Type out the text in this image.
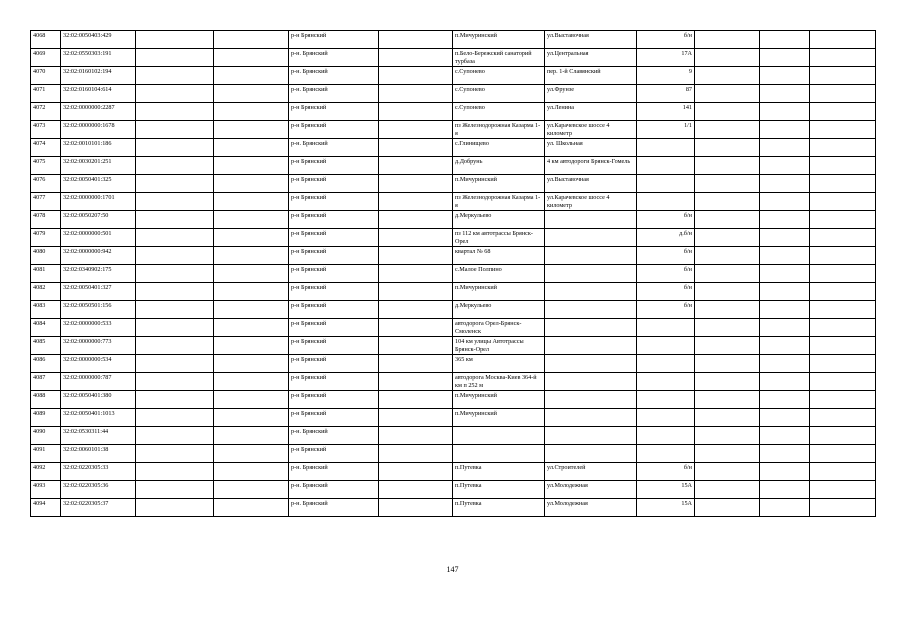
4068	32:02:0050403:429			р-н Брянский		п.Мичуринский	ул.Выставочная	б/н			
4069	32:02:0550303:191			р-н. Брянский		п.Бело-Бережский санаторий турбаза	ул.Центральная	17А			
4070	32:02:0160102:194			р-н. Брянский		с.Супонево	пер. 1-й Славянский	9			
4071	32:02:0160104:614			р-н. Брянский		с.Супонево	ул.Фрунзе	87			
4072	32:02:0000000:2287			р-н Брянский		с.Супонево	ул.Ленина	141			
4073	32:02:0000000:1678			р-н Брянский		пз Железнодорожная Казарма 1-я	ул.Карачевское шоссе 4 километр	1/1			
4074	32:02:0010101:186			р-н. Брянский		с.Глинищево	ул. Школьная				
4075	32:02:0030201:251			р-н Брянский		д.Добрунь	4 км автодороги Брянск-Гомель				
4076	32:02:0050401:325			р-н Брянский		п.Мичуринский	ул.Выставочная				
4077	32:02:0000000:1701			р-н Брянский		пз Железнодорожная Казарма 1-я	ул.Карачевское шоссе 4 километр				
4078	32:02:0050207:50			р-н Брянский		д.Меркульево		б/н			
4079	32:02:0000000:501			р-н Брянский		пз 112 км автотрассы Брянск-Орел		д.б/н			
4080	32:02:0000000:942			р-н Брянский		квартал № 68		б/н			
4081	32:02:0340902:175			р-н Брянский		с.Малое Полпино		б/н			
4082	32:02:0050401:327			р-н Брянский		п.Мичуринский		б/н			
4083	32:02:0050501:156			р-н Брянский		д.Меркульево		б/н			
4084	32:02:0000000:533			р-н Брянский		автодорога Орел-Брянск-Смоленск					
4085	32:02:0000000:773			р-н Брянский		104 км улицы Автотрассы Брянск-Орел					
4086	32:02:0000000:534			р-н Брянский		365 км					
4087	32:02:0000000:787			р-н Брянский		автодорога Москва-Киев 364-й км п 252 м					
4088	32:02:0050401:380			р-н Брянский		п.Мичуринский					
4089	32:02:0050401:1013			р-н Брянский		п.Мичуринский					
4090	32:02:0530311:44			р-н. Брянский							
4091	32:02:0060101:38			р-н Брянский							
4092	32:02:0220305:33			р-н. Брянский		п.Путевка	ул.Строителей	б/н			
4093	32:02:0220305:36			р-н. Брянский		п.Путевка	ул.Молодежная	15А			
4094	32:02:0220305:37			р-н. Брянский		п.Путевка	ул.Молодежная	15А			
147
